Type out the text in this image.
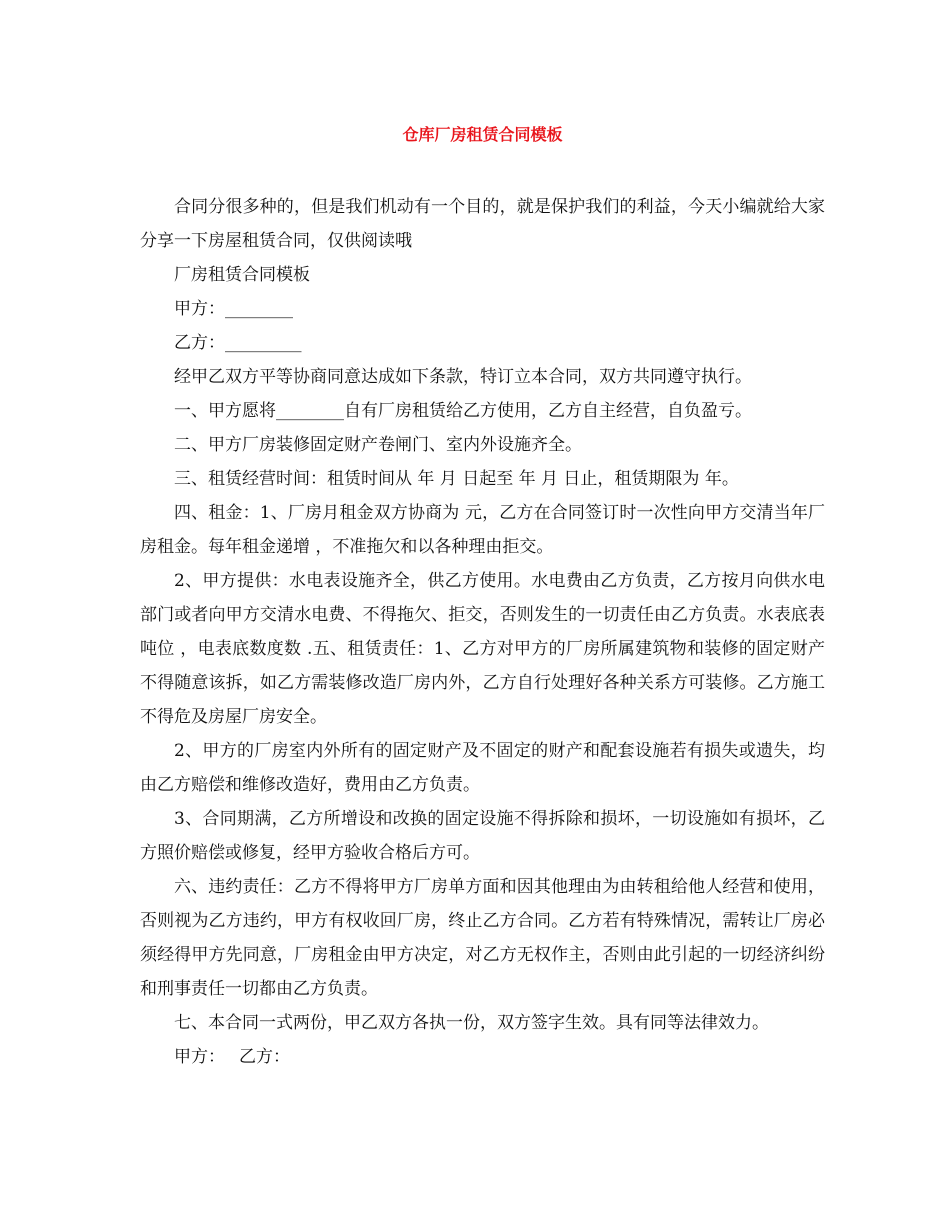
仓库厂房租赁合同模板

合同分很多种的，但是我们机动有一个目的，就是保护我们的利益，今天小编就给大家分享一下房屋租赁合同，仅供阅读哦

厂房租赁合同模板

甲方：________

乙方：_________

经甲乙双方平等协商同意达成如下条款，特订立本合同，双方共同遵守执行。

一、甲方愿将________自有厂房租赁给乙方使用，乙方自主经营，自负盈亏。

二、甲方厂房装修固定财产卷闸门、室内外设施齐全。

三、租赁经营时间：租赁时间从 年 月 日起至 年 月 日止，租赁期限为 年。

四、租金：1、厂房月租金双方协商为 元，乙方在合同签订时一次性向甲方交清当年厂房租金。每年租金递增 ，不准拖欠和以各种理由拒交。

2、甲方提供：水电表设施齐全，供乙方使用。水电费由乙方负责，乙方按月向供水电部门或者向甲方交清水电费、不得拖欠、拒交，否则发生的一切责任由乙方负责。水表底表吨位 ，电表底数度数 .五、租赁责任：1、乙方对甲方的厂房所属建筑物和装修的固定财产不得随意该拆，如乙方需装修改造厂房内外，乙方自行处理好各种关系方可装修。乙方施工不得危及房屋厂房安全。

2、甲方的厂房室内外所有的固定财产及不固定的财产和配套设施若有损失或遗失，均由乙方赔偿和维修改造好，费用由乙方负责。

3、合同期满，乙方所增设和改换的固定设施不得拆除和损坏，一切设施如有损坏，乙方照价赔偿或修复，经甲方验收合格后方可。

六、违约责任：乙方不得将甲方厂房单方面和因其他理由为由转租给他人经营和使用，否则视为乙方违约，甲方有权收回厂房，终止乙方合同。乙方若有特殊情况，需转让厂房必须经得甲方先同意，厂房租金由甲方决定，对乙方无权作主，否则由此引起的一切经济纠纷和刑事责任一切都由乙方负责。

七、本合同一式两份，甲乙双方各执一份，双方签字生效。具有同等法律效力。

甲方： 乙方：
